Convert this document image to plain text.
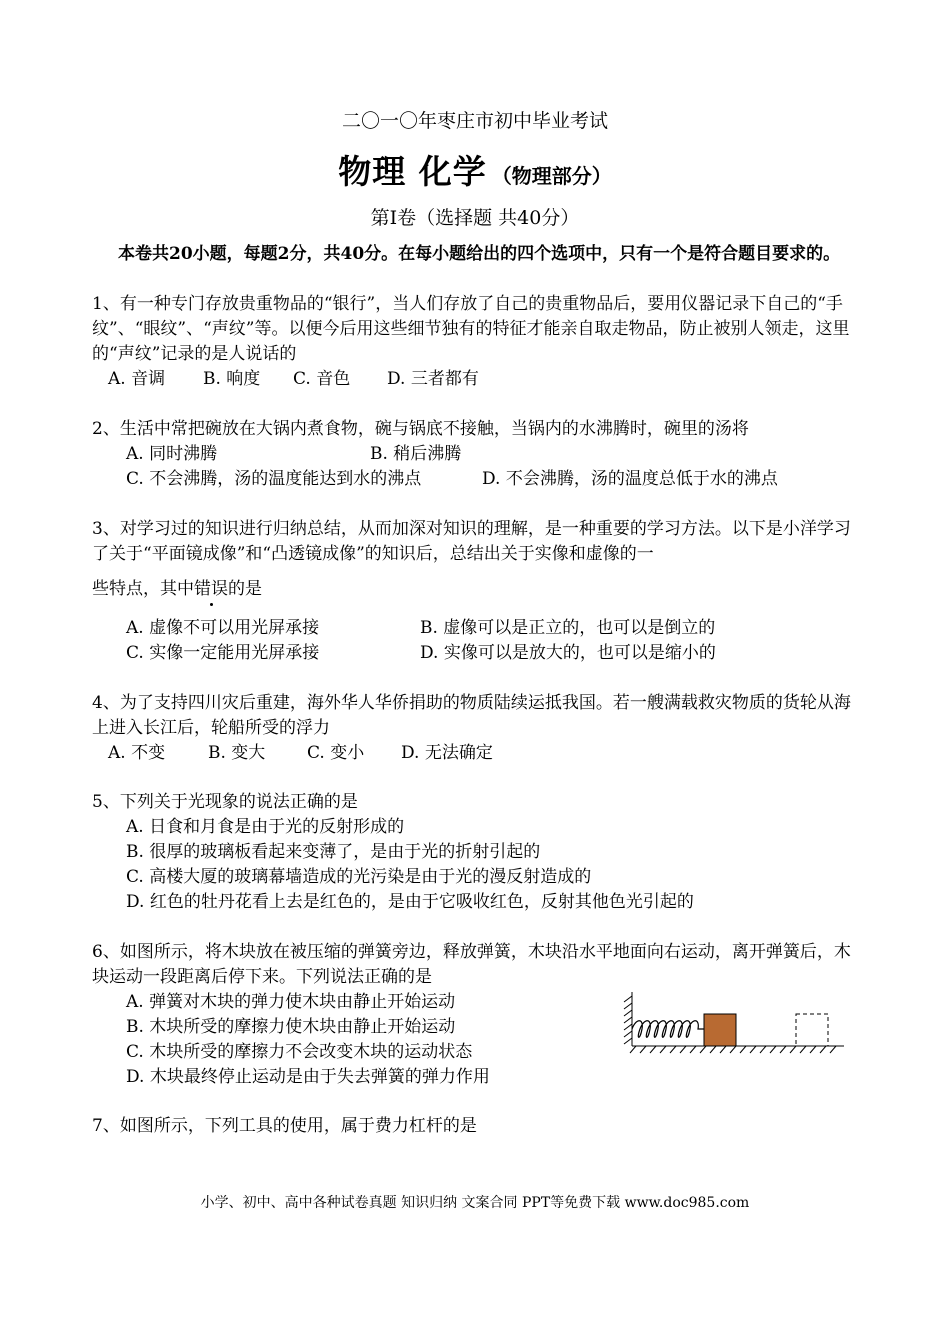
二〇一〇年枣庄市初中毕业考试
物理 化学 （物理部分）
第Ⅰ卷（选择题 共40分）
本卷共20小题，每题2分，共40分。在每小题给出的四个选项中，只有一个是符合题目要求的。
1、有一种专门存放贵重物品的“银行”，当人们存放了自己的贵重物品后，要用仪器记录下自己的“手纹”、“眼纹”、“声纹”等。以便今后用这些细节独有的特征才能亲自取走物品，防止被别人领走，这里的“声纹”记录的是人说话的
A. 音调 B. 响度 C. 音色 D. 三者都有
2、生活中常把碗放在大锅内煮食物，碗与锅底不接触，当锅内的水沸腾时，碗里的汤将
A. 同时沸腾	B. 稍后沸腾
C. 不会沸腾，汤的温度能达到水的沸点	D. 不会沸腾，汤的温度总低于水的沸点
3、对学习过的知识进行归纳总结，从而加深对知识的理解，是一种重要的学习方法。以下是小洋学习了关于“平面镜成像”和“凸透镜成像”的知识后，总结出关于实像和虚像的一
些特点，其中错误的是
A. 虚像不可以用光屏承接	B. 虚像可以是正立的，也可以是倒立的
C. 实像一定能用光屏承接	D. 实像可以是放大的，也可以是缩小的
4、为了支持四川灾后重建，海外华人华侨捐助的物质陆续运抵我国。若一艘满载救灾物质的货轮从海上进入长江后，轮船所受的浮力
A. 不变	B. 变大 C. 变小 D. 无法确定
5、下列关于光现象的说法正确的是
A. 日食和月食是由于光的反射形成的
B. 很厚的玻璃板看起来变薄了，是由于光的折射引起的
C. 高楼大厦的玻璃幕墙造成的光污染是由于光的漫反射造成的
D. 红色的牡丹花看上去是红色的，是由于它吸收红色，反射其他色光引起的
6、如图所示，将木块放在被压缩的弹簧旁边，释放弹簧，木块沿水平地面向右运动，离开弹簧后，木块运动一段距离后停下来。下列说法正确的是
A. 弹簧对木块的弹力使木块由静止开始运动
B. 木块所受的摩擦力使木块由静止开始运动
C. 木块所受的摩擦力不会改变木块的运动状态
D. 木块最终停止运动是由于失去弹簧的弹力作用
7、如图所示，下列工具的使用，属于费力杠杆的是
小学、初中、高中各种试卷真题 知识归纳 文案合同 PPT等免费下载 www.doc985.com
